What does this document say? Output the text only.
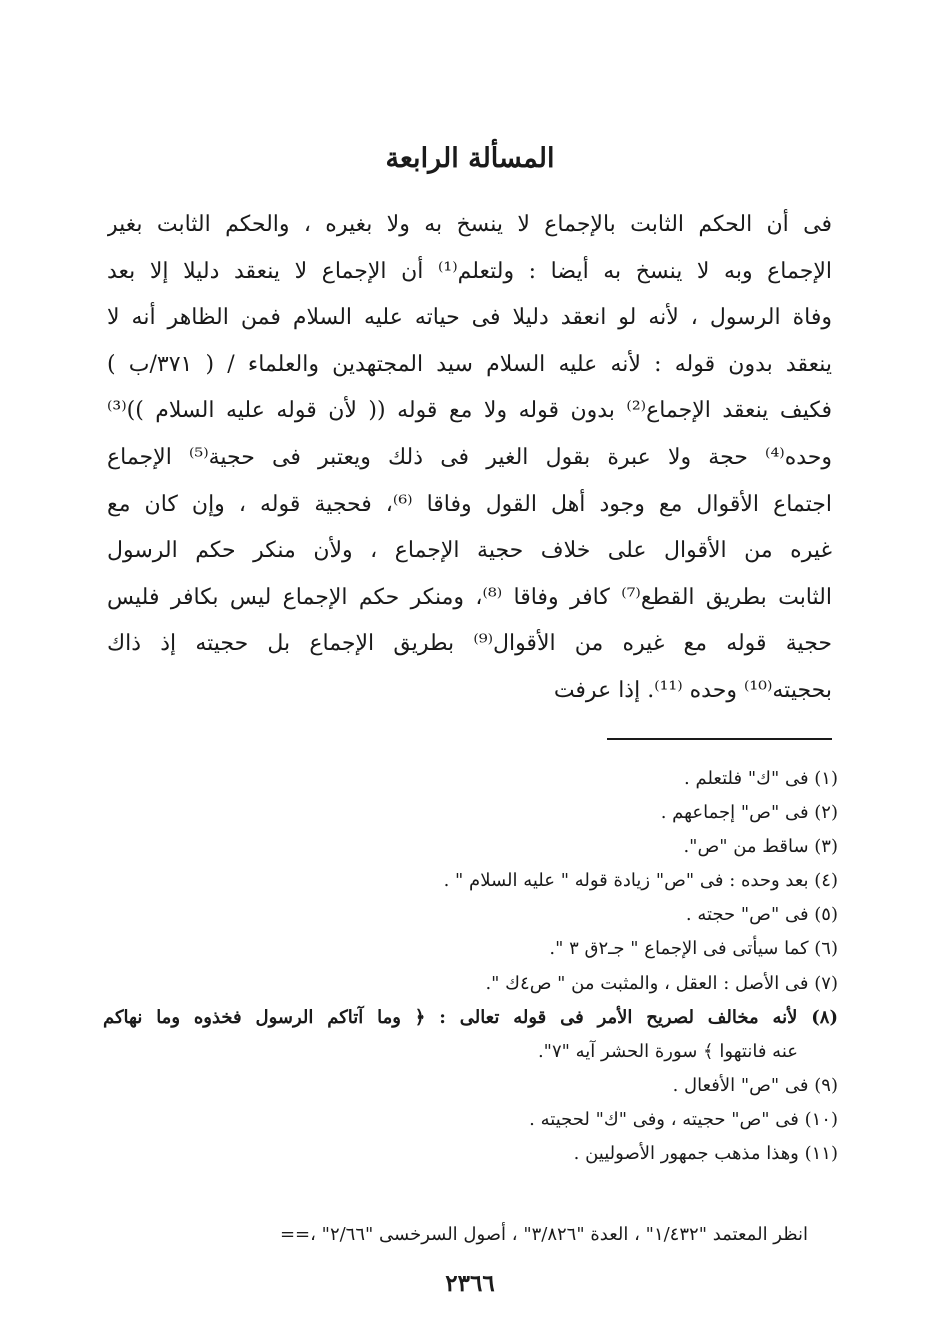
المسألة الرابعة
فى أن الحكم الثابت بالإجماع لا ينسخ به ولا بغيره ، والحكم الثابت بغير
الإجماع وبه لا ينسخ به أيضا : ولتعلم⁽¹⁾ أن الإجماع لا ينعقد دليلا إلا بعد
وفاة الرسول ، لأنه لو انعقد دليلا فى حياته عليه السلام فمن الظاهر أنه لا
ينعقد بدون قوله : لأنه عليه السلام سيد المجتهدين والعلماء / ( ٣٧١/ب )
فكيف ينعقد الإجماع⁽²⁾ بدون قوله ولا مع قوله (( لأن قوله عليه السلام ))⁽³⁾
وحده⁽⁴⁾ حجة ولا عبرة بقول الغير فى ذلك ويعتبر فى حجية⁽⁵⁾ الإجماع
اجتماع الأقوال مع وجود أهل القول وفاقا ⁽⁶⁾، فحجية قوله ، وإن كان مع
غيره من الأقوال على خلاف حجية الإجماع ، ولأن منكر حكم الرسول
الثابت بطريق القطع⁽⁷⁾ كافر وفاقا ⁽⁸⁾، ومنكر حكم الإجماع ليس بكافر فليس
حجية قوله مع غيره من الأقوال⁽⁹⁾ بطريق الإجماع بل حجيته إذ ذاك
بحجيته⁽¹⁰⁾ وحده ⁽¹¹⁾. إذا عرفت
(١) فى "ك" فلتعلم .
(٢) فى "ص" إجماعهم .
(٣) ساقط من "ص".
(٤) بعد وحده : فى "ص" زيادة قوله " عليه السلام " .
(٥) فى "ص" حجته .
(٦) كما سيأتى فى الإجماع " جـ٢ق ٣ ".
(٧) فى الأصل : العقل ، والمثبت من " ص٤ك ".
(٨) لأنه مخالف لصريح الأمر فى قوله تعالى : ﴿ وما آتاكم الرسول فخذوه وما نهاكم
عنه فانتهوا ﴾ سورة الحشر آيه "٧".
(٩) فى "ص" الأفعال .
(١٠) فى "ص" حجيته ، وفى "ك" لحجيته .
(١١) وهذا مذهب جمهور الأصوليين .
انظر المعتمد "١/٤٣٢" ، العدة "٣/٨٢٦" ، أصول السرخسى "٢/٦٦" ،==
٢٣٦٦
